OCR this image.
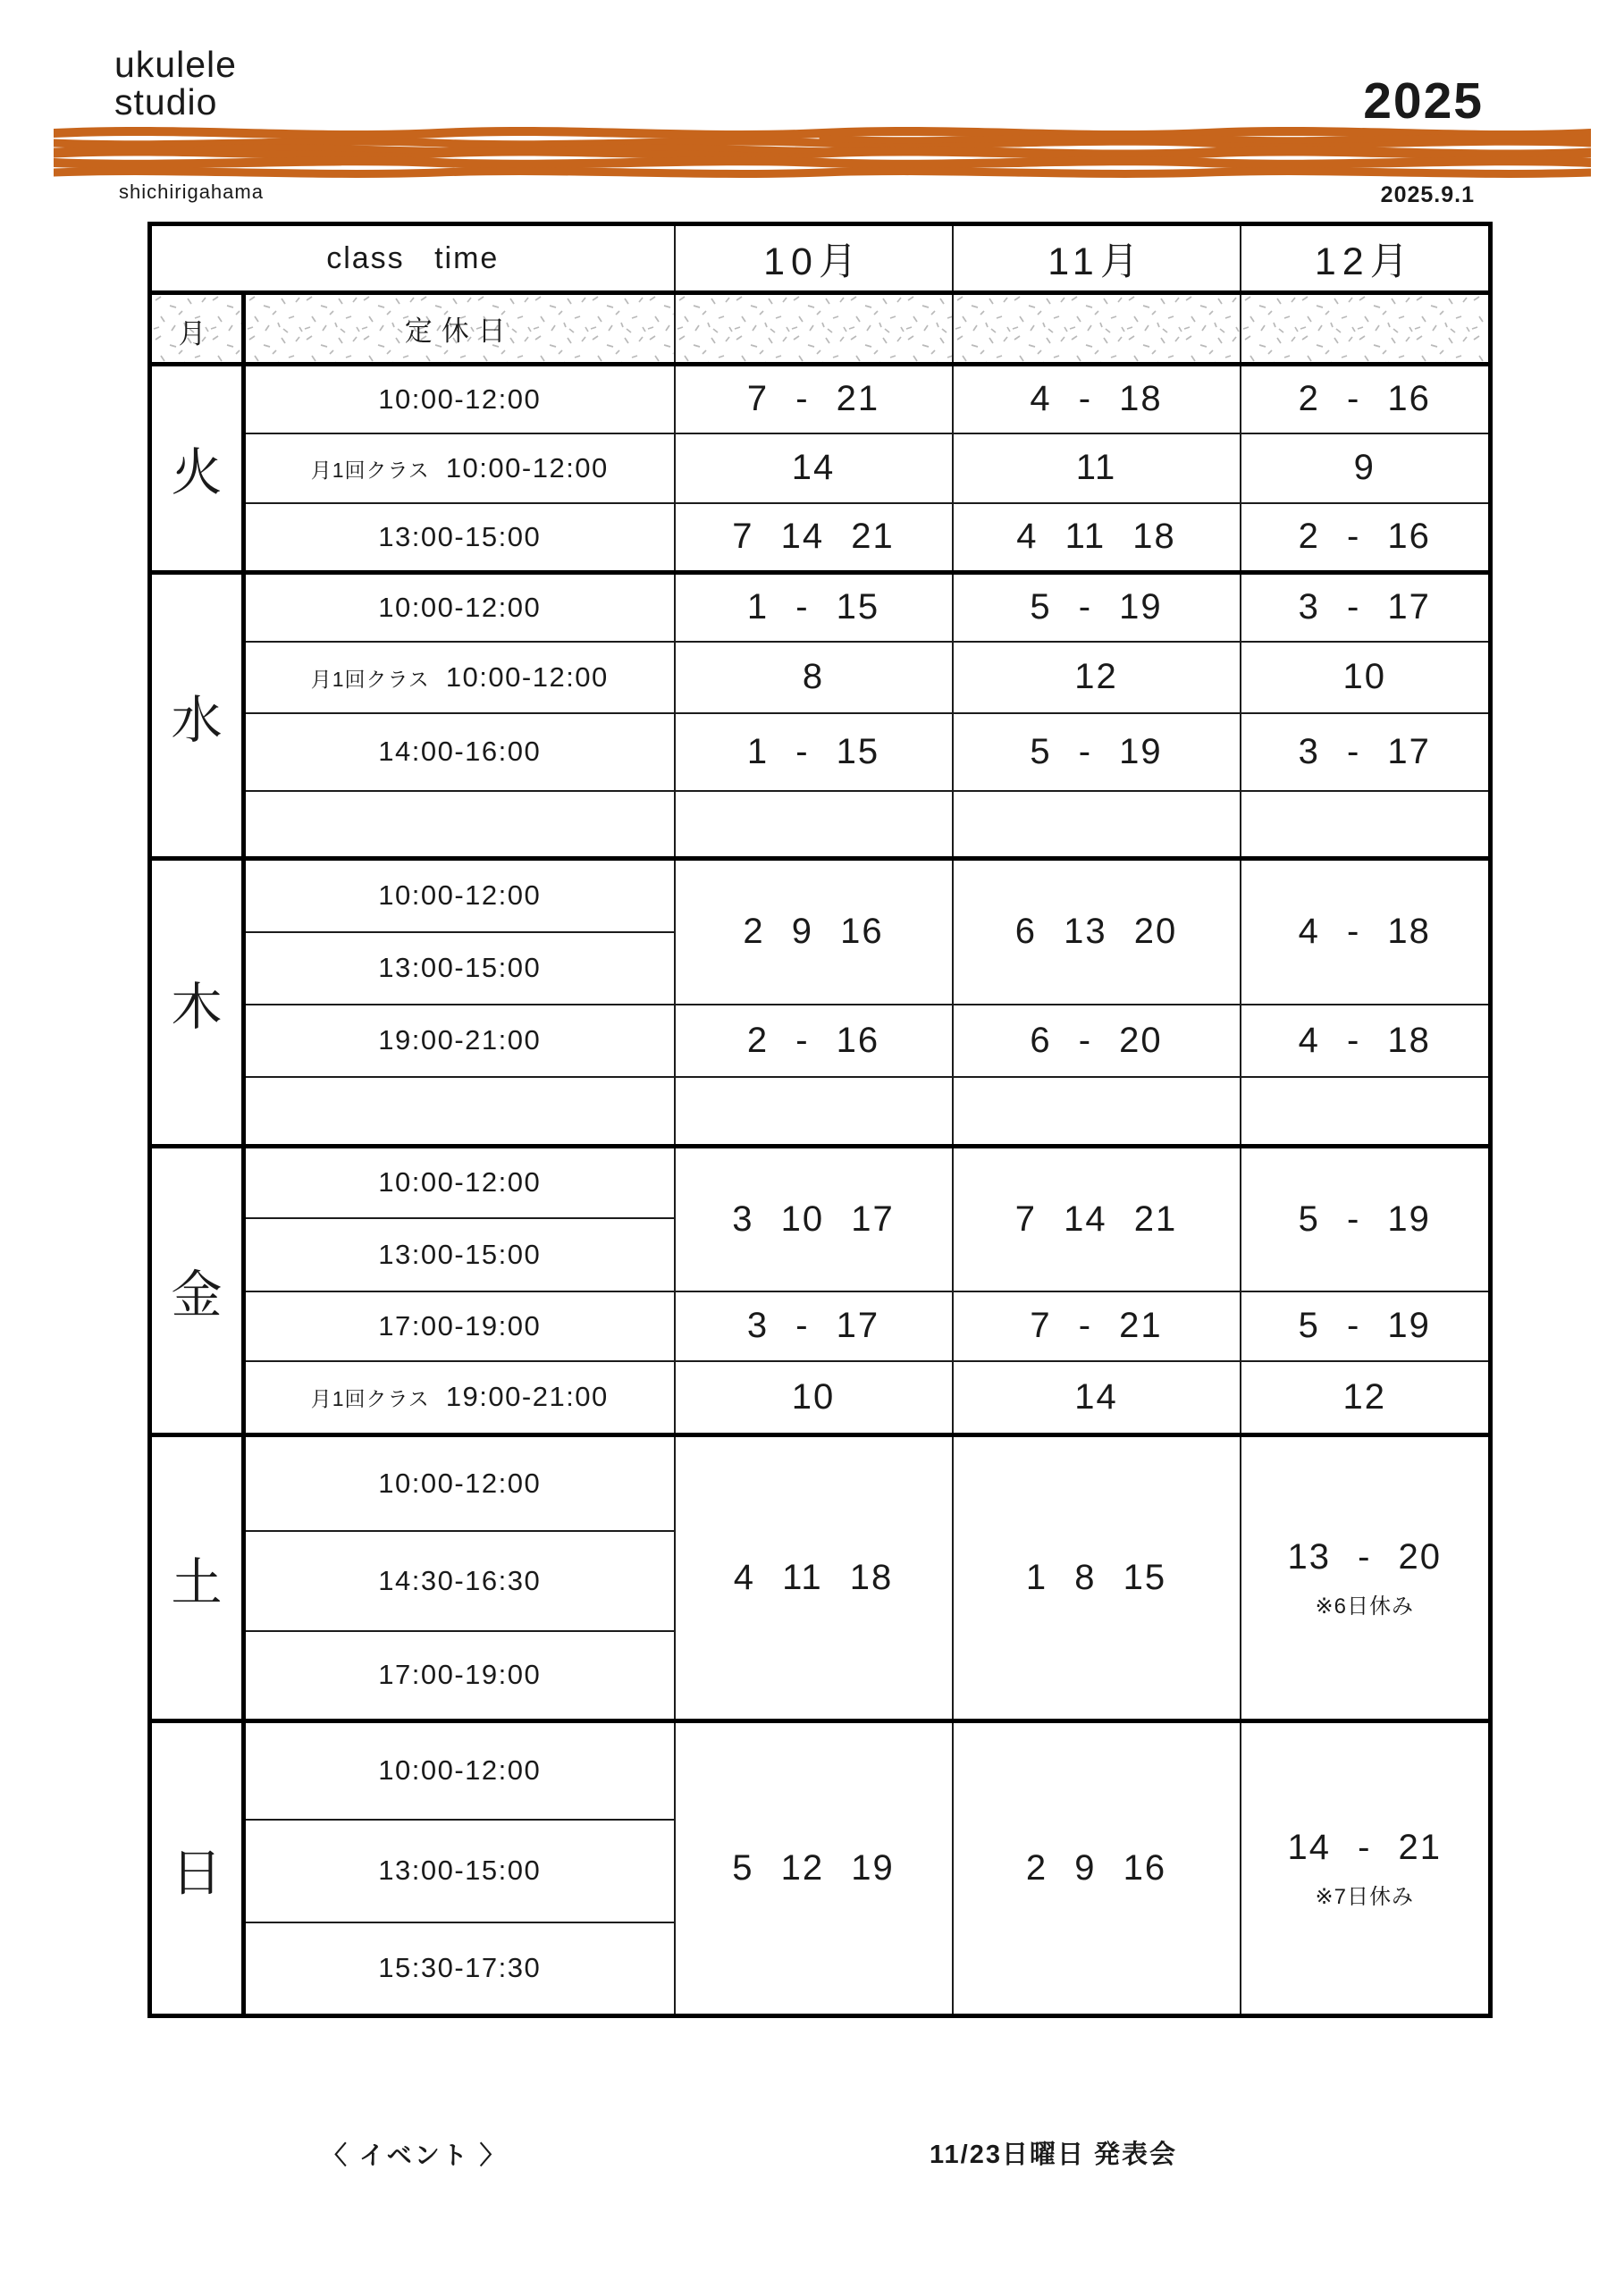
ukulele
studio	2025
shichirigahama	2025.9.1
class time		10月	11月	12月

月	定休日	

火	10:00-12:00	7 - 21	4 - 18	2 - 16
	月1回クラス 10:00-12:00	14	11	9
	13:00-15:00	7 14 21	4 11 18	2 - 16
水	10:00-12:00	1 - 15	5 - 19	3 - 17
	月1回クラス 10:00-12:00	8	12	10
	14:00-16:00	1 - 15	5 - 19	3 - 17

木	10:00-12:00	2 9 16	6 13 20	4 - 18
	13:00-15:00			
	19:00-21:00	2 - 16	6 - 20	4 - 18

金	10:00-12:00	3 10 17	7 14 21	5 - 19
	13:00-15:00			
	17:00-19:00	3 - 17	7 - 21	5 - 19
	月1回クラス 19:00-21:00	10	14	12
土	10:00-12:00	4 11 18	1 8 15	13 - 20
※6日休み

	14:30-16:30			
	17:00-19:00			
日	10:00-12:00	5 12 19	2 9 16	14 - 21
※7日休み

	13:00-15:00			
	15:30-17:30			
〈 イベント 〉	11/23日曜日 発表会
